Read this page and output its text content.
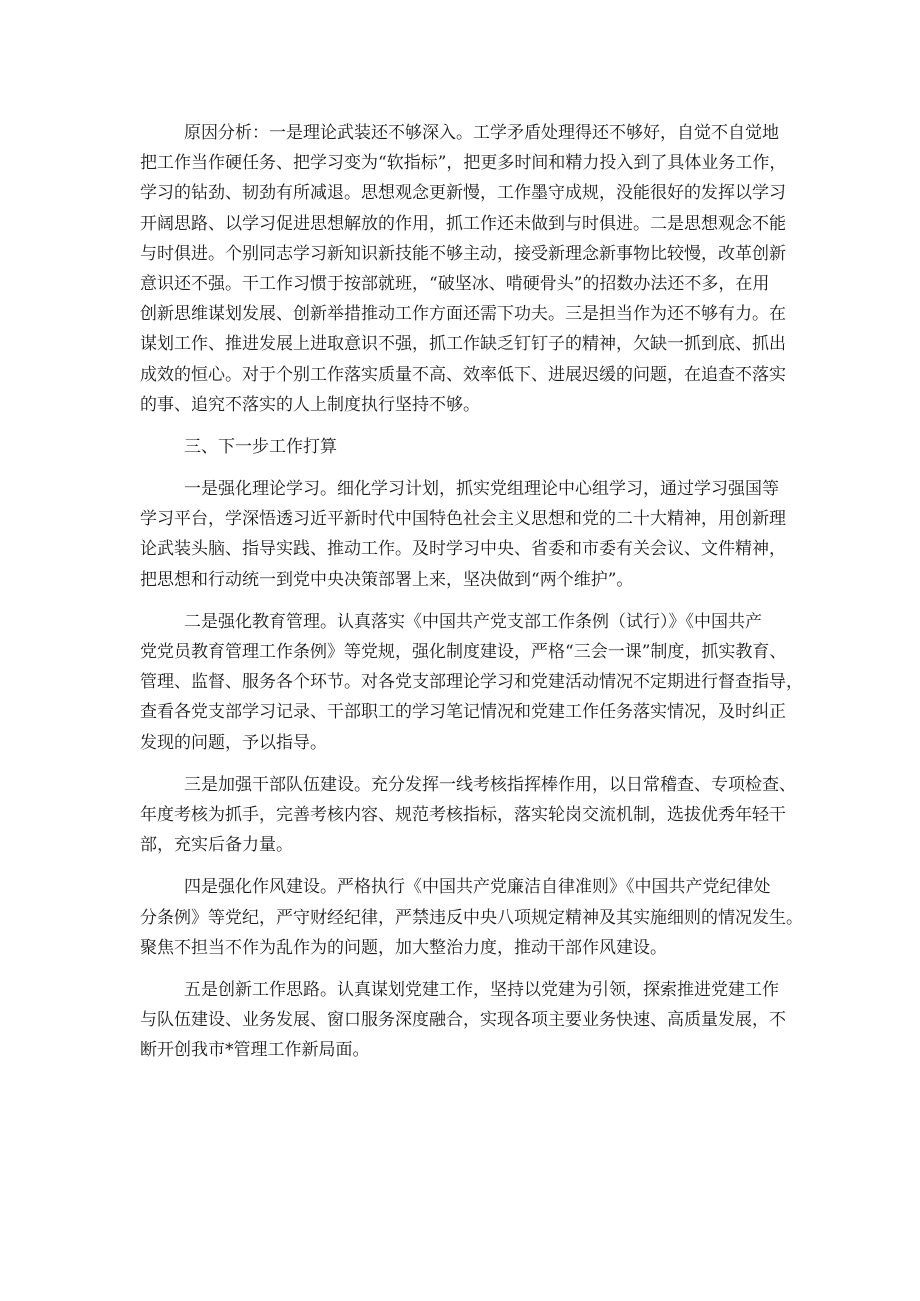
原因分析：一是理论武装还不够深入。工学矛盾处理得还不够好，自觉不自觉地
把工作当作硬任务、把学习变为“软指标”，把更多时间和精力投入到了具体业务工作，
学习的钻劲、韧劲有所减退。思想观念更新慢，工作墨守成规，没能很好的发挥以学习
开阔思路、以学习促进思想解放的作用，抓工作还未做到与时俱进。二是思想观念不能
与时俱进。个别同志学习新知识新技能不够主动，接受新理念新事物比较慢，改革创新
意识还不强。干工作习惯于按部就班，“破坚冰、啃硬骨头”的招数办法还不多，在用
创新思维谋划发展、创新举措推动工作方面还需下功夫。三是担当作为还不够有力。在
谋划工作、推进发展上进取意识不强，抓工作缺乏钉钉子的精神，欠缺一抓到底、抓出
成效的恒心。对于个别工作落实质量不高、效率低下、进展迟缓的问题，在追查不落实
的事、追究不落实的人上制度执行坚持不够。
三、下一步工作打算
一是强化理论学习。细化学习计划，抓实党组理论中心组学习，通过学习强国等
学习平台，学深悟透习近平新时代中国特色社会主义思想和党的二十大精神，用创新理
论武装头脑、指导实践、推动工作。及时学习中央、省委和市委有关会议、文件精神，
把思想和行动统一到党中央决策部署上来，坚决做到“两个维护”。
二是强化教育管理。认真落实《中国共产党支部工作条例（试行）》《中国共产
党党员教育管理工作条例》等党规，强化制度建设，严格“三会一课”制度，抓实教育、
管理、监督、服务各个环节。对各党支部理论学习和党建活动情况不定期进行督查指导，
查看各党支部学习记录、干部职工的学习笔记情况和党建工作任务落实情况，及时纠正
发现的问题，予以指导。
三是加强干部队伍建设。充分发挥一线考核指挥棒作用，以日常稽查、专项检查、
年度考核为抓手，完善考核内容、规范考核指标，落实轮岗交流机制，选拔优秀年轻干
部，充实后备力量。
四是强化作风建设。严格执行《中国共产党廉洁自律准则》《中国共产党纪律处
分条例》等党纪，严守财经纪律，严禁违反中央八项规定精神及其实施细则的情况发生。
聚焦不担当不作为乱作为的问题，加大整治力度，推动干部作风建设。
五是创新工作思路。认真谋划党建工作，坚持以党建为引领，探索推进党建工作
与队伍建设、业务发展、窗口服务深度融合，实现各项主要业务快速、高质量发展，不
断开创我市*管理工作新局面。
